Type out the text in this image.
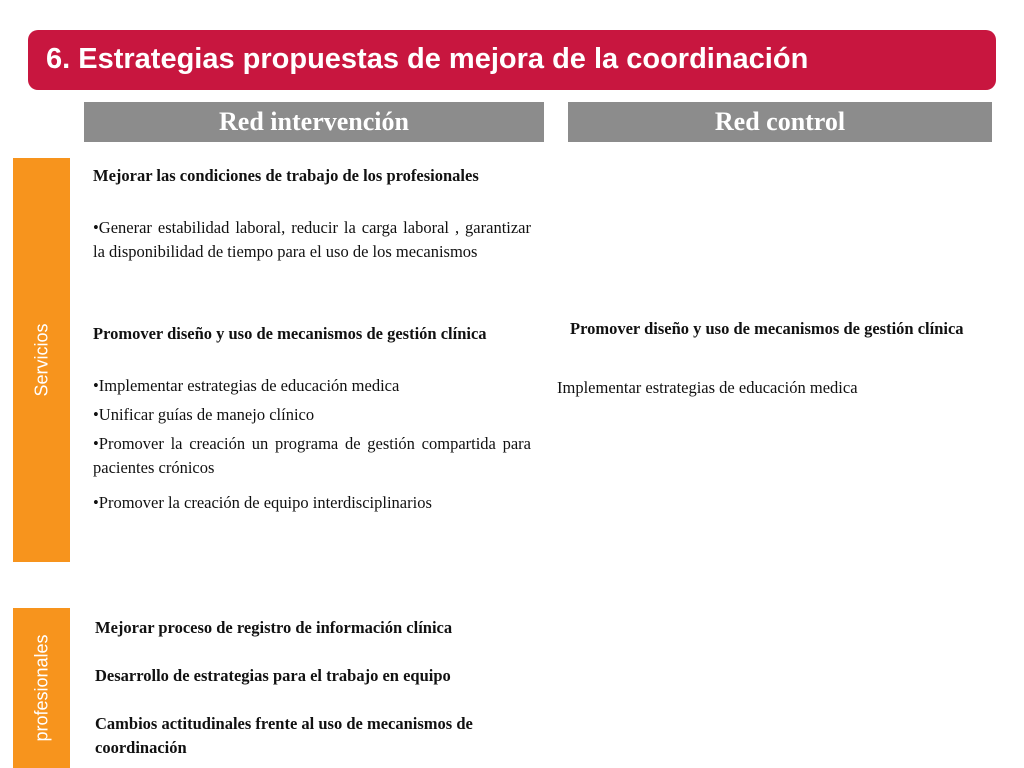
6. Estrategias propuestas de mejora de la coordinación
Red intervención	Red control
Servicios
profesionales
Mejorar las condiciones de trabajo de los profesionales
•Generar estabilidad laboral, reducir la carga laboral , garantizar la disponibilidad de tiempo para el uso de los mecanismos
Promover diseño y uso de mecanismos de gestión clínica
•Implementar estrategias de educación medica
•Unificar guías de manejo clínico
•Promover la creación un programa de gestión compartida para pacientes crónicos
•Promover la creación de equipo interdisciplinarios
Promover diseño y uso de mecanismos de gestión clínica
Implementar estrategias de educación medica
Mejorar proceso de registro de información clínica
Desarrollo de estrategias para el trabajo en equipo
Cambios actitudinales frente al uso de mecanismos de coordinación
